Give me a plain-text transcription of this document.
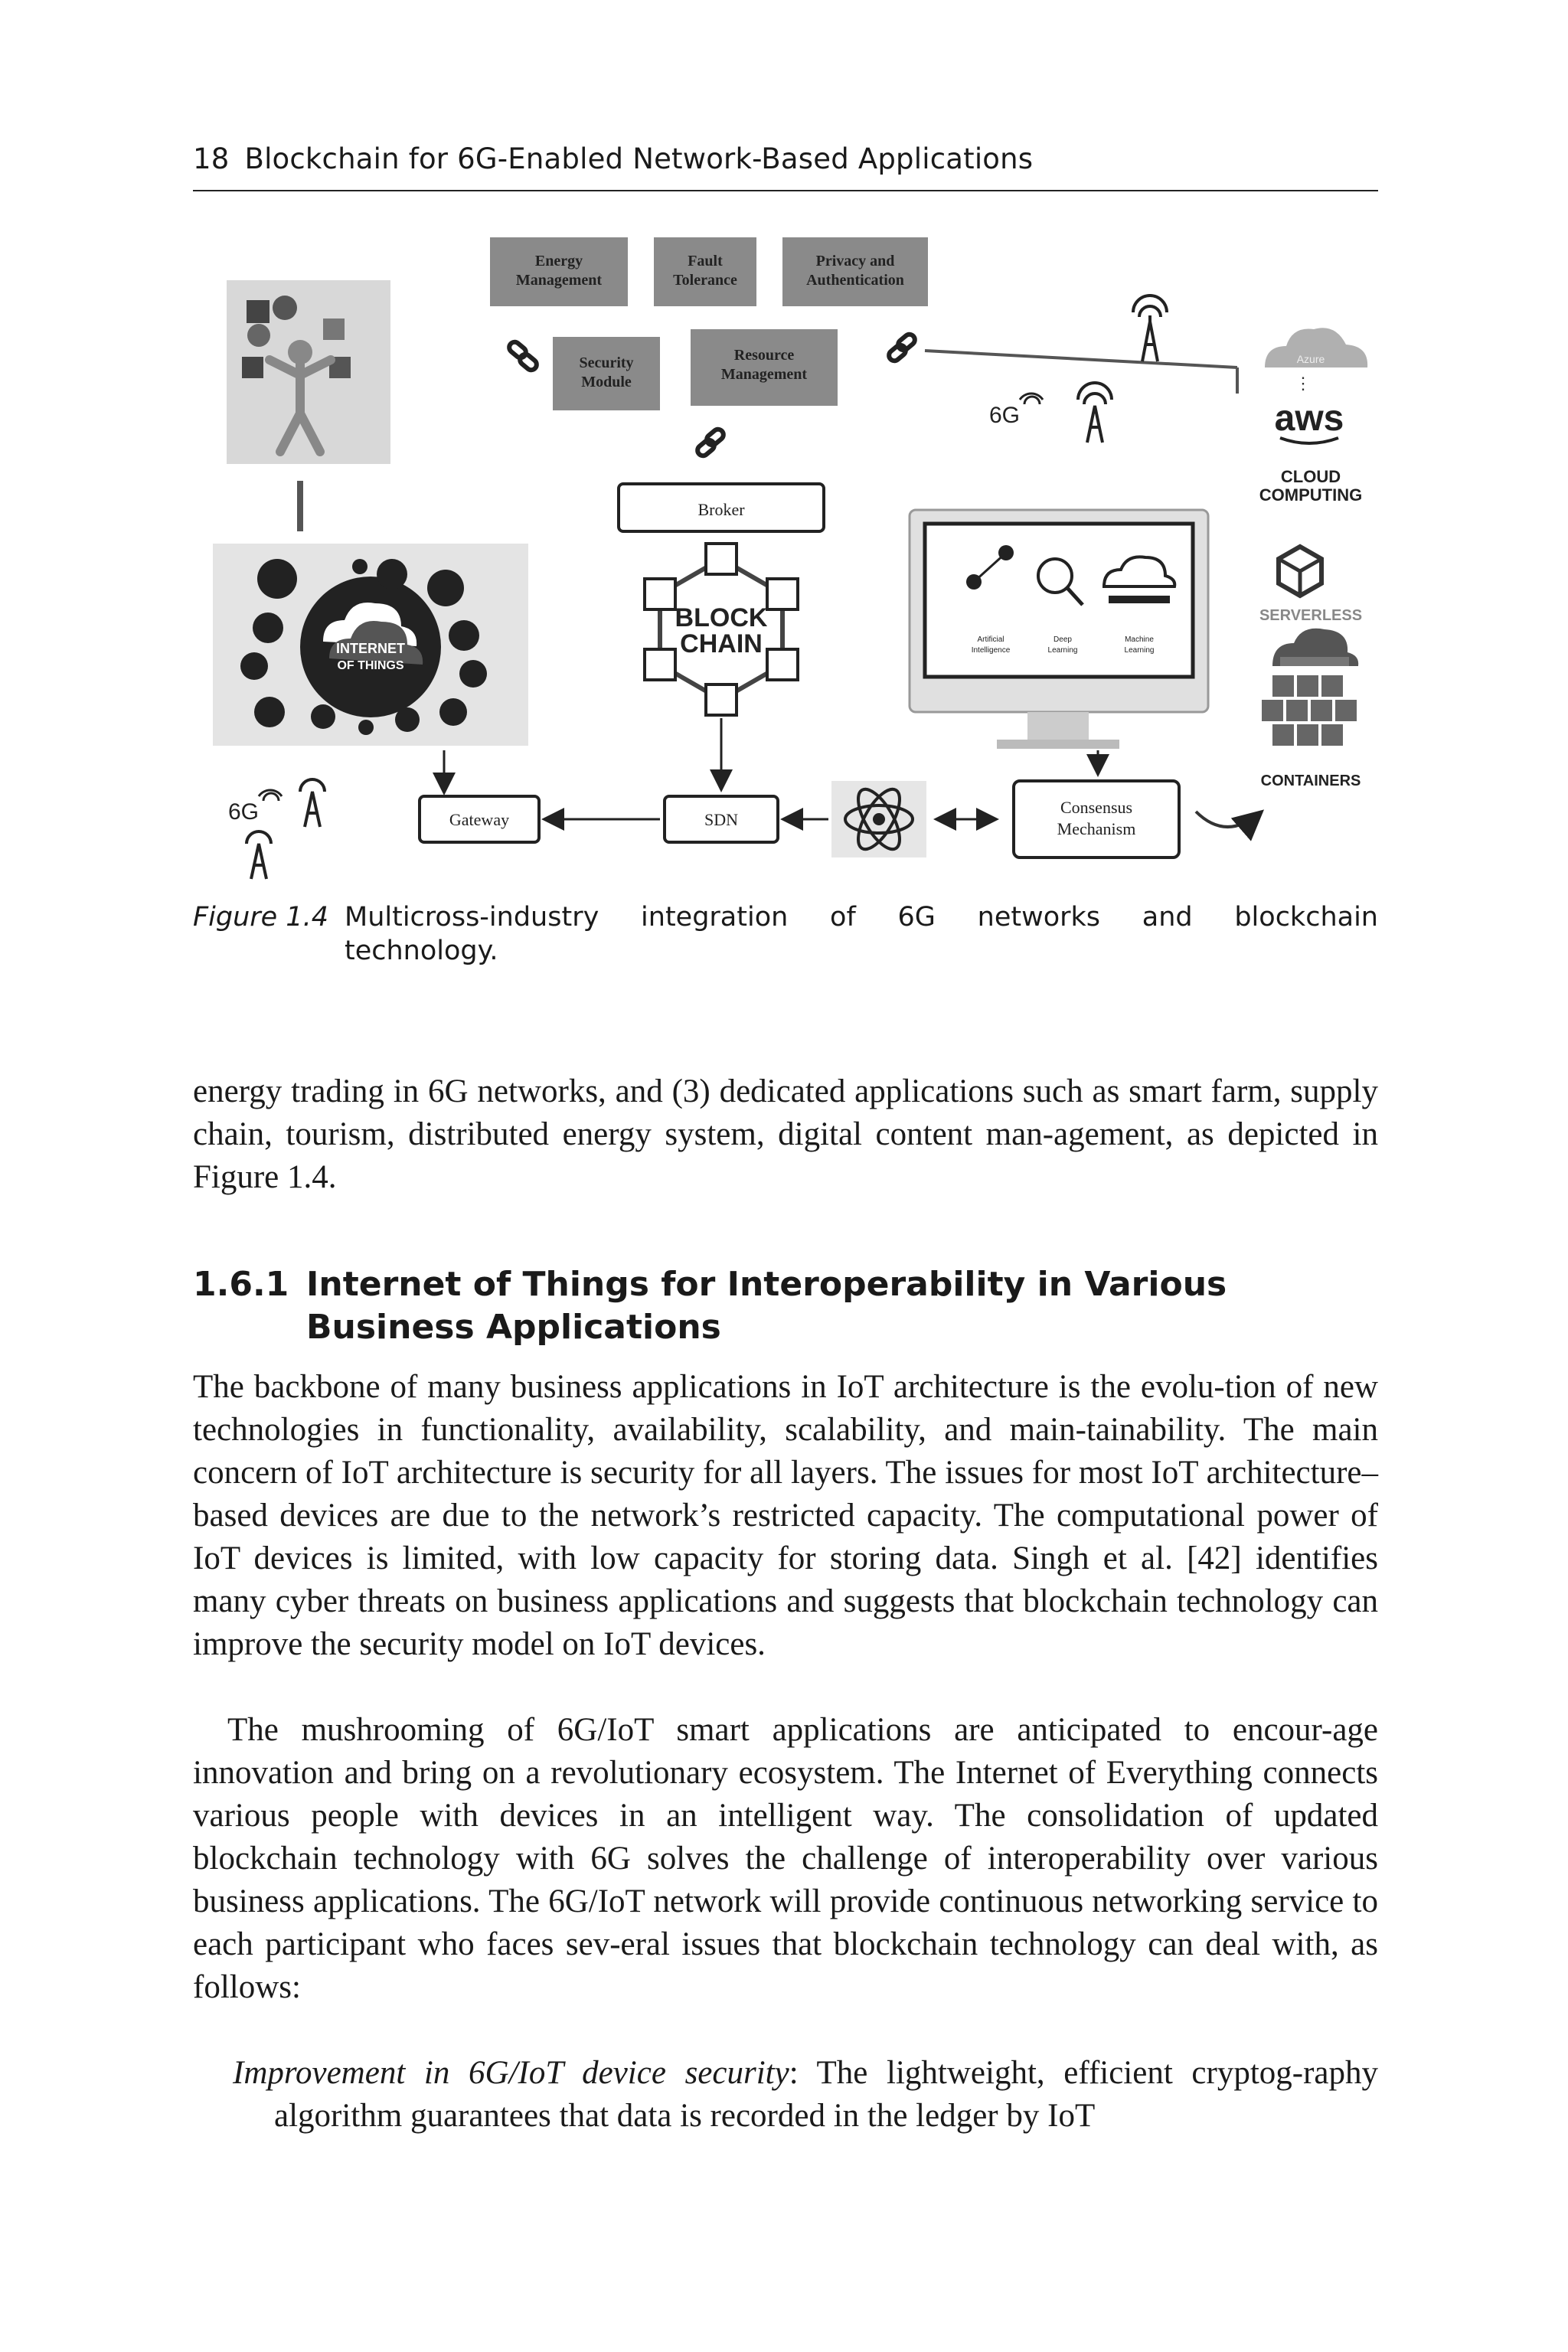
18 Blockchain for 6G-Enabled Network-Based Applications
Energy
Management
Fault
Tolerance
Privacy and
Authentication
Security
Module
Resource
Management
6G
Azure
⋮
aws
CLOUD
COMPUTING
SERVERLESS
CONTAINERS
INTERNET
OF THINGS
6G
Broker
BLOCK
CHAIN	Artificial
Intelligence
Deep
Learning
Machine
Learning
Gateway	SDN
Consensus
Mechanism
Figure 1.4 Multicross-industry integration of 6G networks and blockchain
technology.

energy trading in 6G networks, and (3) dedicated applications such as smart farm, supply chain, tourism, distributed energy system, digital content man-agement, as depicted in Figure 1.4.

1.6.1 Internet of Things for Interoperability in Various Business Applications

The backbone of many business applications in IoT architecture is the evolu-tion of new technologies in functionality, availability, scalability, and main-tainability. The main concern of IoT architecture is security for all layers. The issues for most IoT architecture–based devices are due to the network’s restricted capacity. The computational power of IoT devices is limited, with low capacity for storing data. Singh et al. [42] identifies many cyber threats on business applications and suggests that blockchain technology can improve the security model on IoT devices.

The mushrooming of 6G/IoT smart applications are anticipated to encour-age innovation and bring on a revolutionary ecosystem. The Internet of Everything connects various people with devices in an intelligent way. The consolidation of updated blockchain technology with 6G solves the challenge of interoperability over various business applications. The 6G/IoT network will provide continuous networking service to each participant who faces sev-eral issues that blockchain technology can deal with, as follows:

Improvement in 6G/IoT device security: The lightweight, efficient cryptog-raphy algorithm guarantees that data is recorded in the ledger by IoT
